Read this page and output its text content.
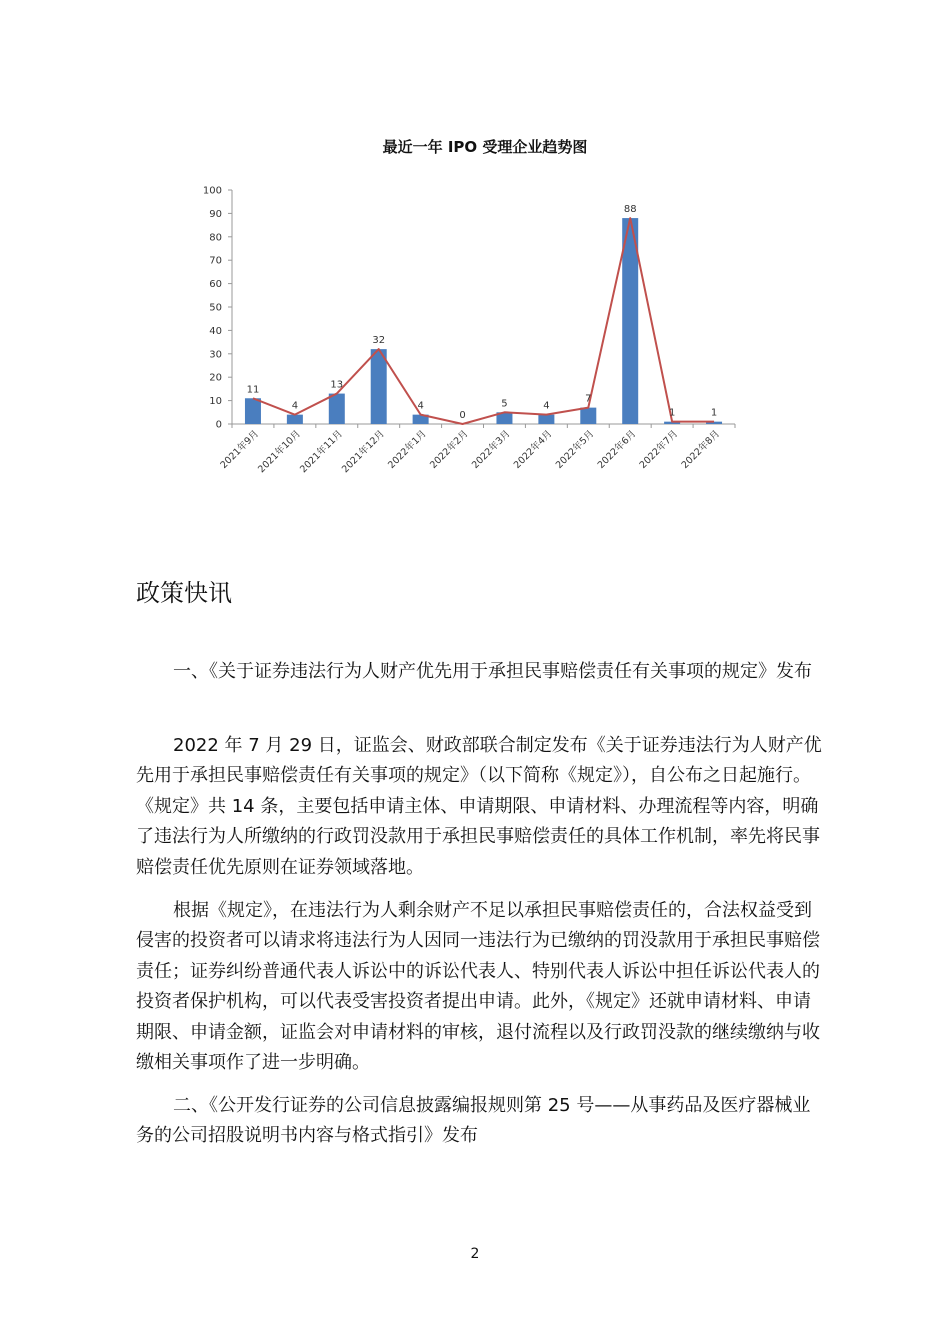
最近一年 IPO 受理企业趋势图
0
10
20
30
40
50
60
70
80
90
100
11
4
13
32
4
0
5	4
7
88
1	1
2021年9月
2021年10月
2021年11月
2021年12月 2022年1月 2022年2月 2022年3月 2022年4月 2022年5月 2022年6月 2022年7月 2022年8月
政策快讯

一、《关于证券违法行为人财产优先用于承担民事赔偿责任有关事项的规定》发布

2022 年 7 月 29 日，证监会、财政部联合制定发布《关于证券违法行为人财产优先用于承担民事赔偿责任有关事项的规定》（以下简称《规定》），自公布之日起施行。《规定》共 14 条，主要包括申请主体、申请期限、申请材料、办理流程等内容，明确了违法行为人所缴纳的行政罚没款用于承担民事赔偿责任的具体工作机制，率先将民事赔偿责任优先原则在证券领域落地。

根据《规定》，在违法行为人剩余财产不足以承担民事赔偿责任的，合法权益受到侵害的投资者可以请求将违法行为人因同一违法行为已缴纳的罚没款用于承担民事赔偿责任；证券纠纷普通代表人诉讼中的诉讼代表人、特别代表人诉讼中担任诉讼代表人的投资者保护机构，可以代表受害投资者提出申请。此外，《规定》还就申请材料、申请期限、申请金额，证监会对申请材料的审核，退付流程以及行政罚没款的继续缴纳与收缴相关事项作了进一步明确。

二、《公开发行证券的公司信息披露编报规则第 25 号——从事药品及医疗器械业务的公司招股说明书内容与格式指引》发布

2
